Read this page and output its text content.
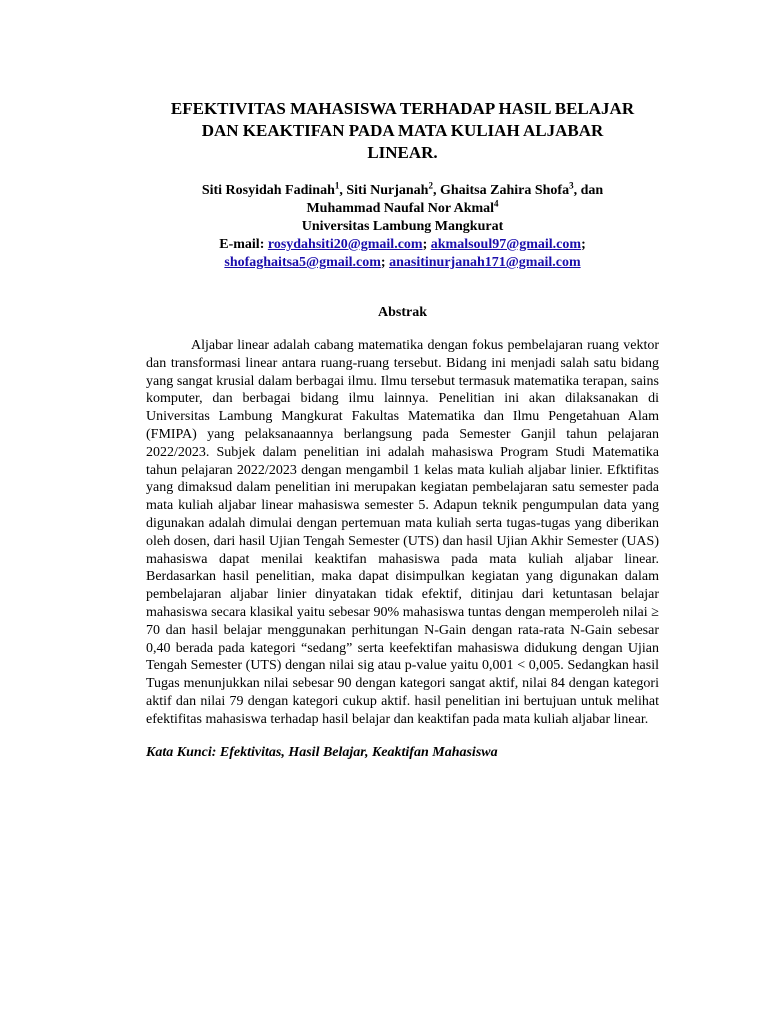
EFEKTIVITAS MAHASISWA TERHADAP HASIL BELAJAR
DAN KEAKTIFAN PADA MATA KULIAH ALJABAR
LINEAR.
Siti Rosyidah Fadinah$^1$, Siti Nurjanah$^2$, Ghaitsa Zahira Shofa$^3$, dan
Muhammad Naufal Nor Akmal$^4$
Universitas Lambung Mangkurat
E-mail: rosydahsiti20@gmail.com; akmalsoul97@gmail.com;
shofaghaitsa5@gmail.com; anasitinurjanah171@gmail.com
Abstrak

Aljabar linear adalah cabang matematika dengan fokus pembelajaran ruang vektor dan transformasi linear antara ruang-ruang tersebut. Bidang ini menjadi salah satu bidang yang sangat krusial dalam berbagai ilmu. Ilmu tersebut termasuk matematika terapan, sains komputer, dan berbagai bidang ilmu lainnya. Penelitian ini akan dilaksanakan di Universitas Lambung Mangkurat Fakultas Matematika dan Ilmu Pengetahuan Alam (FMIPA) yang pelaksanaannya berlangsung pada Semester Ganjil tahun pelajaran 2022/2023. Subjek dalam penelitian ini adalah mahasiswa Program Studi Matematika tahun pelajaran 2022/2023 dengan mengambil 1 kelas mata kuliah aljabar linier. Efktifitas yang dimaksud dalam penelitian ini merupakan kegiatan pembelajaran satu semester pada mata kuliah aljabar linear mahasiswa semester 5. Adapun teknik pengumpulan data yang digunakan adalah dimulai dengan pertemuan mata kuliah serta tugas-tugas yang diberikan oleh dosen, dari hasil Ujian Tengah Semester (UTS) dan hasil Ujian Akhir Semester (UAS) mahasiswa dapat menilai keaktifan mahasiswa pada mata kuliah aljabar linear. Berdasarkan hasil penelitian, maka dapat disimpulkan kegiatan yang digunakan dalam pembelajaran aljabar linier dinyatakan tidak efektif, ditinjau dari ketuntasan belajar mahasiswa secara klasikal yaitu sebesar 90% mahasiswa tuntas dengan memperoleh nilai ≥ 70 dan hasil belajar menggunakan perhitungan N-Gain dengan rata-rata N-Gain sebesar 0,40 berada pada kategori “sedang” serta keefektifan mahasiswa didukung dengan Ujian Tengah Semester (UTS) dengan nilai sig atau p-value yaitu 0,001 < 0,005. Sedangkan hasil Tugas menunjukkan nilai sebesar 90 dengan kategori sangat aktif, nilai 84 dengan kategori aktif dan nilai 79 dengan kategori cukup aktif. hasil penelitian ini bertujuan untuk melihat efektifitas mahasiswa terhadap hasil belajar dan keaktifan pada mata kuliah aljabar linear.

Kata Kunci: Efektivitas, Hasil Belajar, Keaktifan Mahasiswa
